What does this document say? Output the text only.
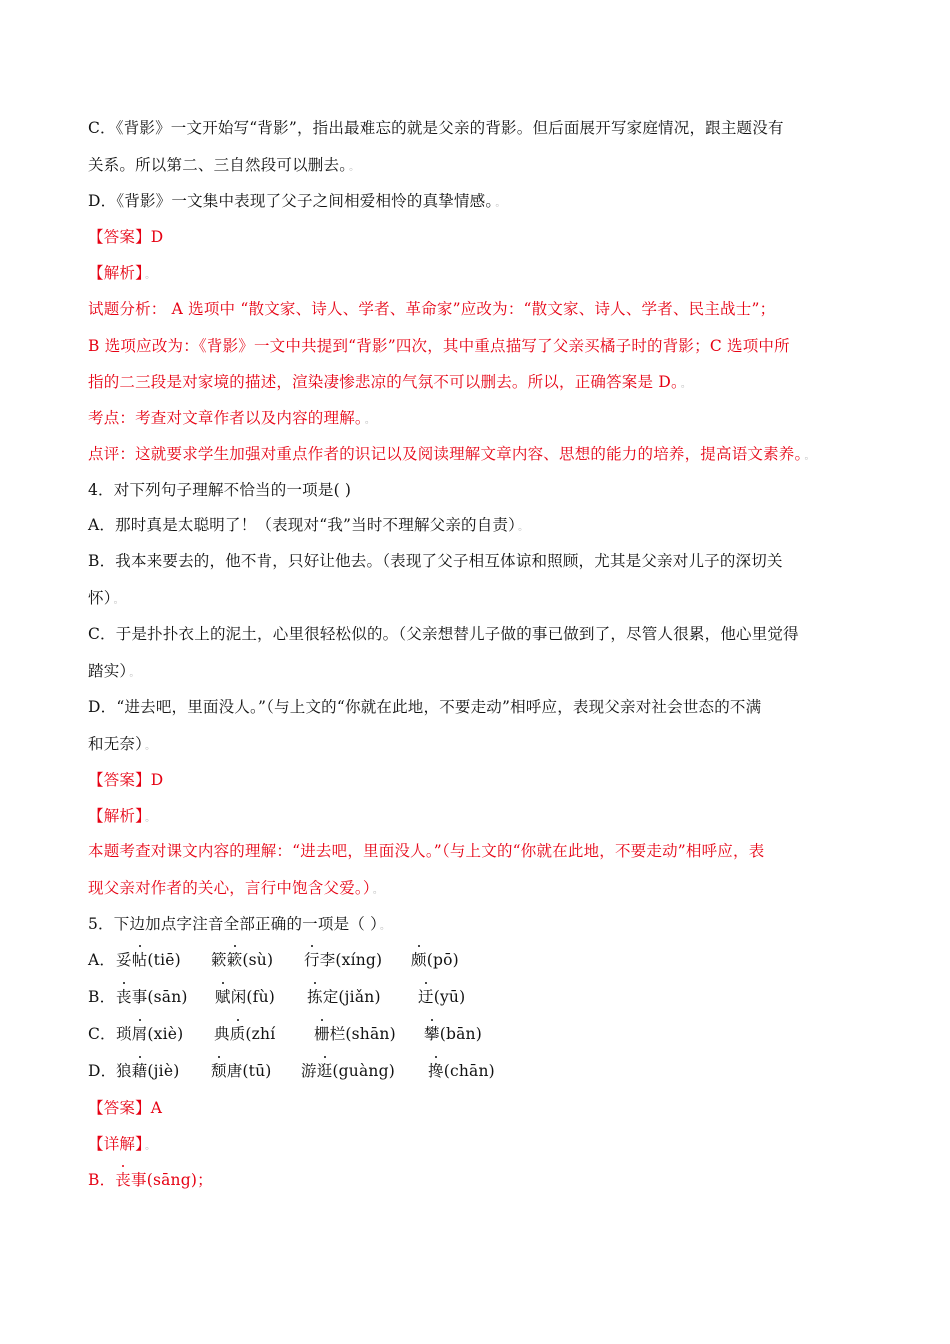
C．《背影》一文开始写“背影”，指出最难忘的就是父亲的背影。但后面展开写家庭情况，跟主题没有
关系。所以第二、三自然段可以删去。 。
D．《背影》一文集中表现了父子之间相爱相怜的真挚情感。 。
【答案】D
【解析】 。
试题分析： A 选项中 “散文家、诗人、学者、革命家”应改为：“散文家、诗人、学者、民主战士”；
B 选项应改为：《背影》一文中共提到“背影”四次，其中重点描写了父亲买橘子时的背影；C 选项中所
指的二三段是对家境的描述，渲染凄惨悲凉的气氛不可以删去。所以，正确答案是 D。 。
考点：考查对文章作者以及内容的理解。 。
点评：这就要求学生加强对重点作者的识记以及阅读理解文章内容、思想的能力的培养，提高语文素养。 。
4．对下列句子理解不恰当的一项是( )
A．那时真是太聪明了！（表现对“我”当时不理解父亲的自责） 。
B．我本来要去的，他不肯，只好让他去。（表现了父子相互体谅和照顾，尤其是父亲对儿子的深切关
怀） 。
C．于是扑扑衣上的泥土，心里很轻松似的。（父亲想替儿子做的事已做到了，尽管人很累，他心里觉得
踏实） 。
D．“进去吧，里面没人。”（与上文的“你就在此地，不要走动”相呼应，表现父亲对社会世态的不满
和无奈） 。
【答案】D
【解析】 。
本题考查对课文内容的理解：“进去吧，里面没人。”（与上文的“你就在此地，不要走动”相呼应，表
现父亲对作者的关心，言行中饱含父爱。） 。
5．下边加点字注音全部正确的一项是（ ） 。
A． 妥帖(tiē) 簌簌(sù) 行李(xíng) 颇(pō)
B． 丧事(sān) 赋闲(fù) 拣定(jiǎn) 迂(yū)
C． 琐屑(xiè) 典质(zhí 栅栏(shān) 攀(bān)
D． 狼藉(jiè) 颓唐(tū) 游逛(guàng) 搀(chān)
【答案】A
【详解】 。
B．丧事(sāng)；
